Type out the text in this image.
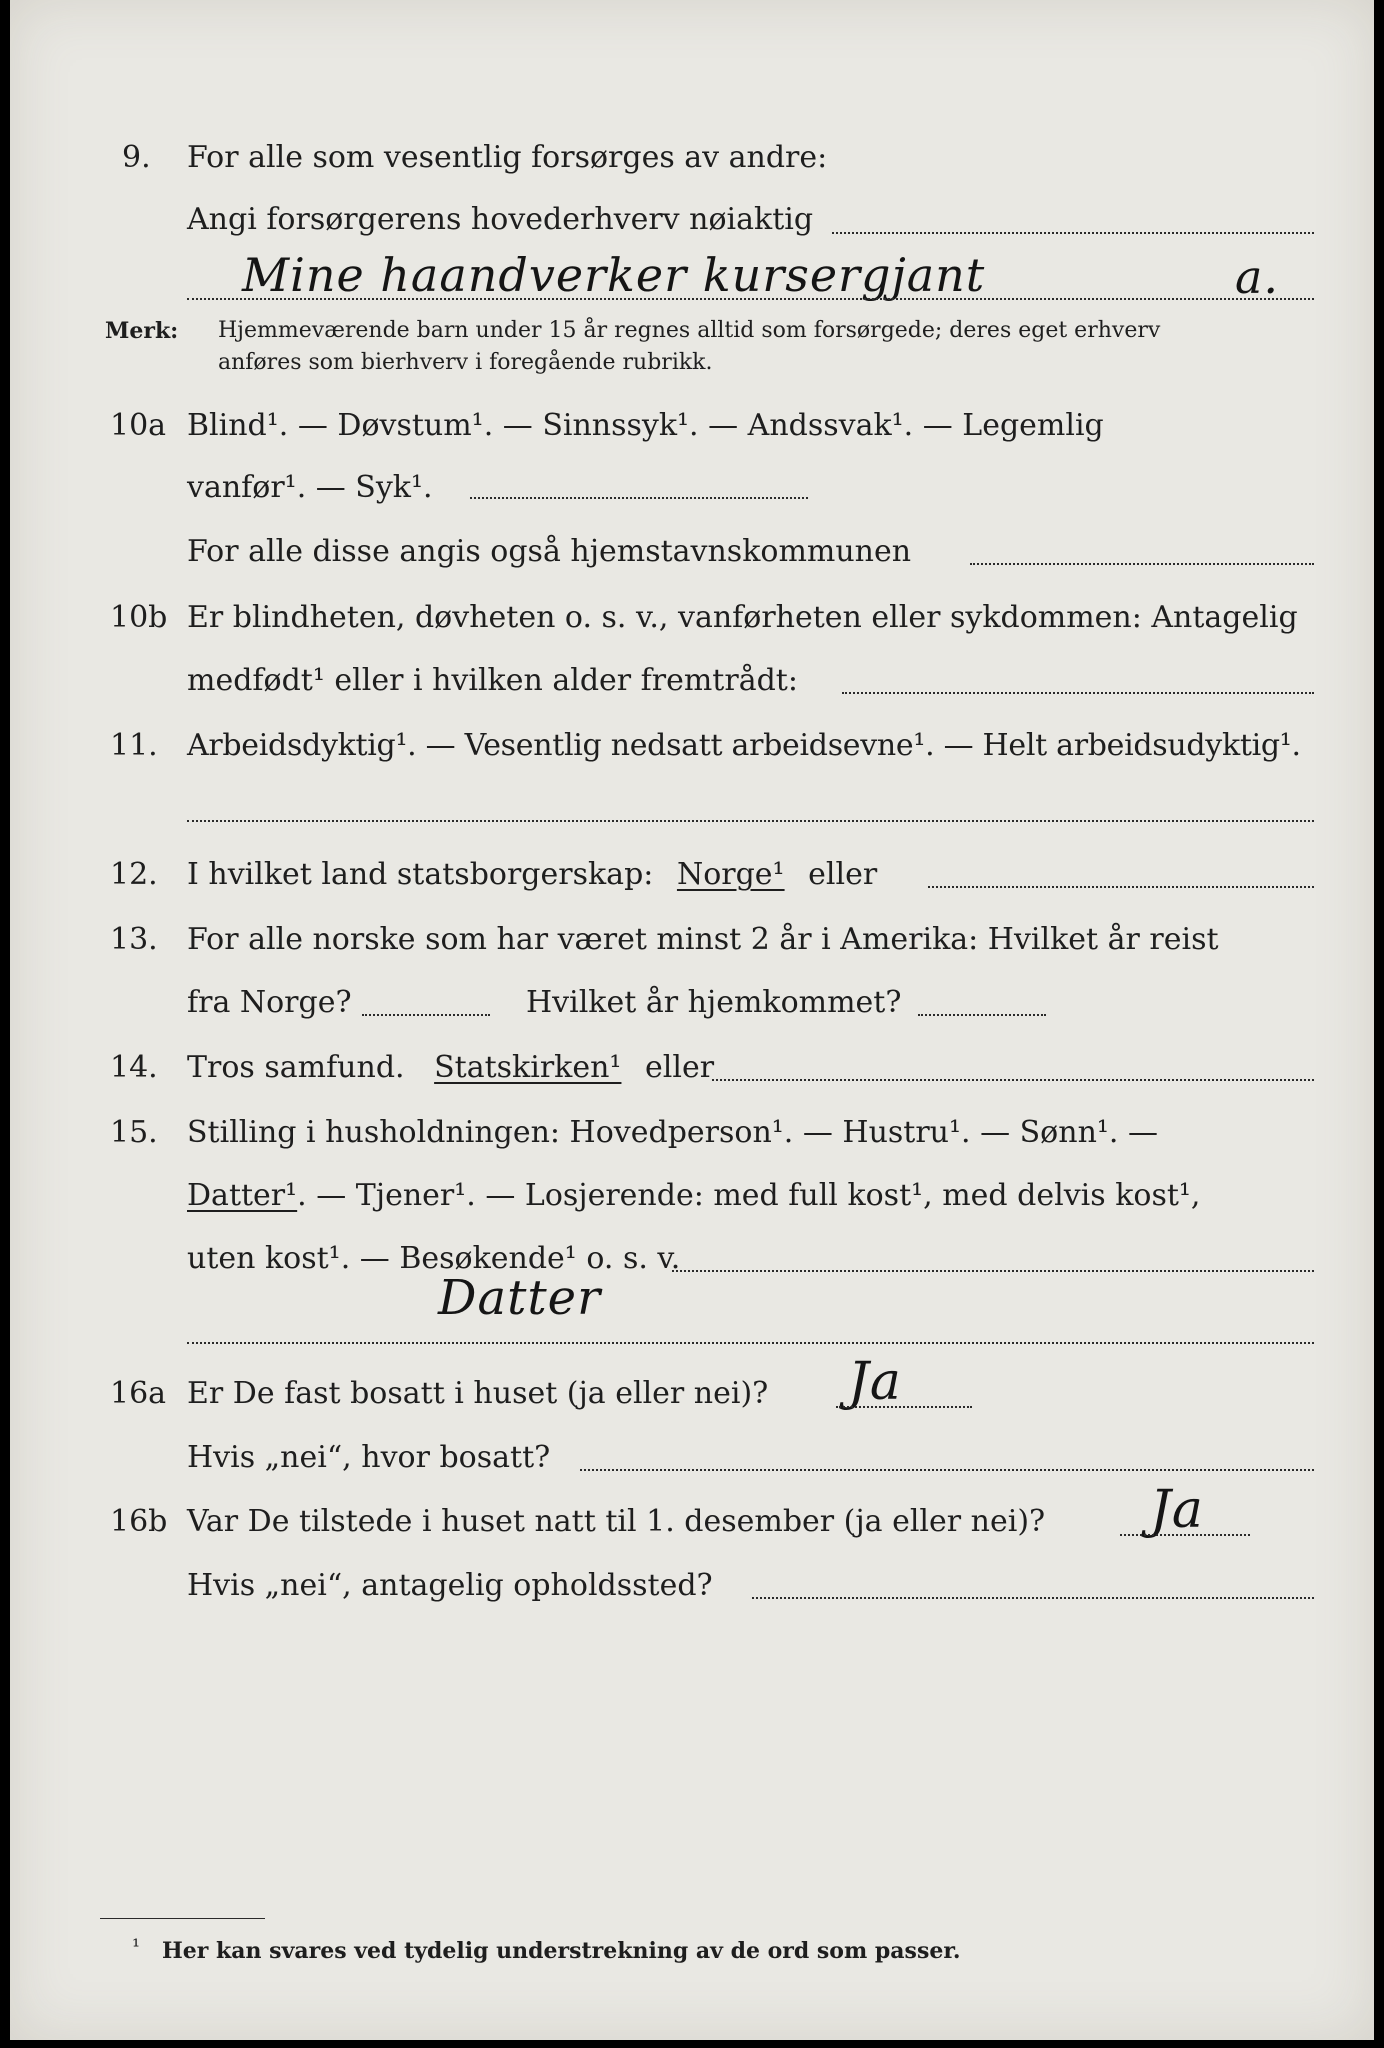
9. For alle som vesentlig forsørges av andre:
Angi forsørgerens hovederhverv nøiaktig
Mine haandverker kursergjant	a.
Merk: Hjemmeværende barn under 15 år regnes alltid som forsørgede; deres eget erhverv
anføres som bierhverv i foregående rubrikk.
10a Blind¹. — Døvstum¹. — Sinnssyk¹. — Andssvak¹. — Legemlig
vanfør¹. — Syk¹.
For alle disse angis også hjemstavnskommunen
10b Er blindheten, døvheten o. s. v., vanførheten eller sykdommen: Antagelig
medfødt¹ eller i hvilken alder fremtrådt:
11. Arbeidsdyktig¹. — Vesentlig nedsatt arbeidsevne¹. — Helt arbeidsudyktig¹.
12. I hvilket land statsborgerskap: Norge¹ eller
13. For alle norske som har været minst 2 år i Amerika: Hvilket år reist
fra Norge?	Hvilket år hjemkommet?
14. Tros samfund. Statskirken¹ eller
15. Stilling i husholdningen: Hovedperson¹. — Hustru¹. — Sønn¹. —
Datter¹. — Tjener¹. — Losjerende: med full kost¹, med delvis kost¹,
uten kost¹. — Besøkende¹ o. s. v.
Datter
16a Er De fast bosatt i huset (ja eller nei)? Ja
Hvis „nei“, hvor bosatt?
16b Var De tilstede i huset natt til 1. desember (ja eller nei)? Ja
Hvis „nei“, antagelig opholdssted?
¹ Her kan svares ved tydelig understrekning av de ord som passer.
